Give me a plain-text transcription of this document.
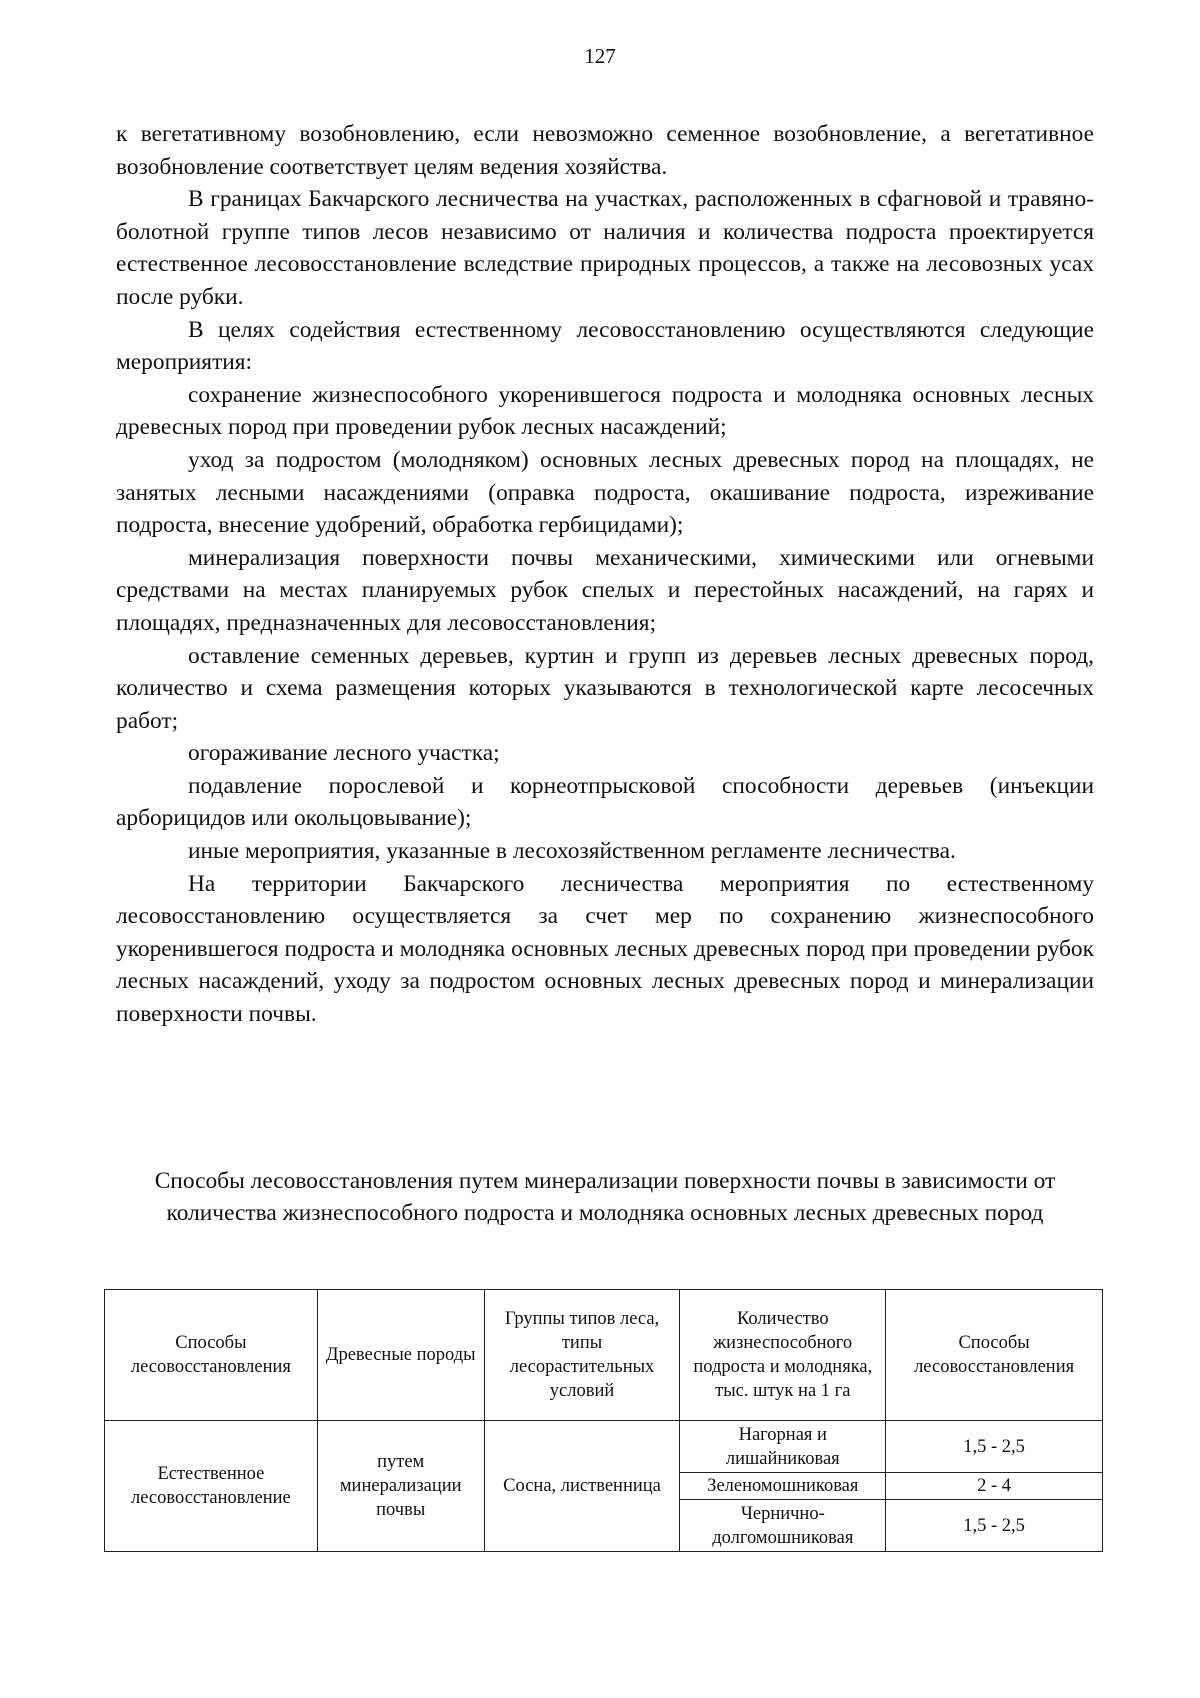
127

к вегетативному возобновлению, если невозможно семенное возобновление, а вегетативное возобновление соответствует целям ведения хозяйства.

В границах Бакчарского лесничества на участках, расположенных в сфагновой и травяно-болотной группе типов лесов независимо от наличия и количества подроста проектируется естественное лесовосстановление вследствие природных процессов, а также на лесовозных усах после рубки.

В целях содействия естественному лесовосстановлению осуществляются следующие мероприятия:

сохранение жизнеспособного укоренившегося подроста и молодняка основных лесных древесных пород при проведении рубок лесных насаждений;

уход за подростом (молодняком) основных лесных древесных пород на площадях, не занятых лесными насаждениями (оправка подроста, окашивание подроста, изреживание подроста, внесение удобрений, обработка гербицидами);

минерализация поверхности почвы механическими, химическими или огневыми средствами на местах планируемых рубок спелых и перестойных насаждений, на гарях и площадях, предназначенных для лесовосстановления;

оставление семенных деревьев, куртин и групп из деревьев лесных древесных пород, количество и схема размещения которых указываются в технологической карте лесосечных работ;

огораживание лесного участка;

подавление порослевой и корнеотпрысковой способности деревьев (инъекции арборицидов или окольцовывание);

иные мероприятия, указанные в лесохозяйственном регламенте лесничества.

На территории Бакчарского лесничества мероприятия по естественному лесовосстановлению осуществляется за счет мер по сохранению жизнеспособного укоренившегося подроста и молодняка основных лесных древесных пород при проведении рубок лесных насаждений, уходу за подростом основных лесных древесных пород и минерализации поверхности почвы.

Способы лесовосстановления путем минерализации поверхности почвы в зависимости от количества жизнеспособного подроста и молодняка основных лесных древесных пород
Способы лесовосстановления	Древесные породы	Группы типов леса, типы лесорастительных условий	Количество жизнеспособного подроста и молодняка, тыс. штук на 1 га	Способы лесовосстановления
Естественное лесовосстановление	путем минерализации почвы	Сосна, лиственница	Нагорная и лишайниковая	1,5 - 2,5
			Зеленомошниковая	2 - 4
			Чернично-долгомошниковая	1,5 - 2,5
